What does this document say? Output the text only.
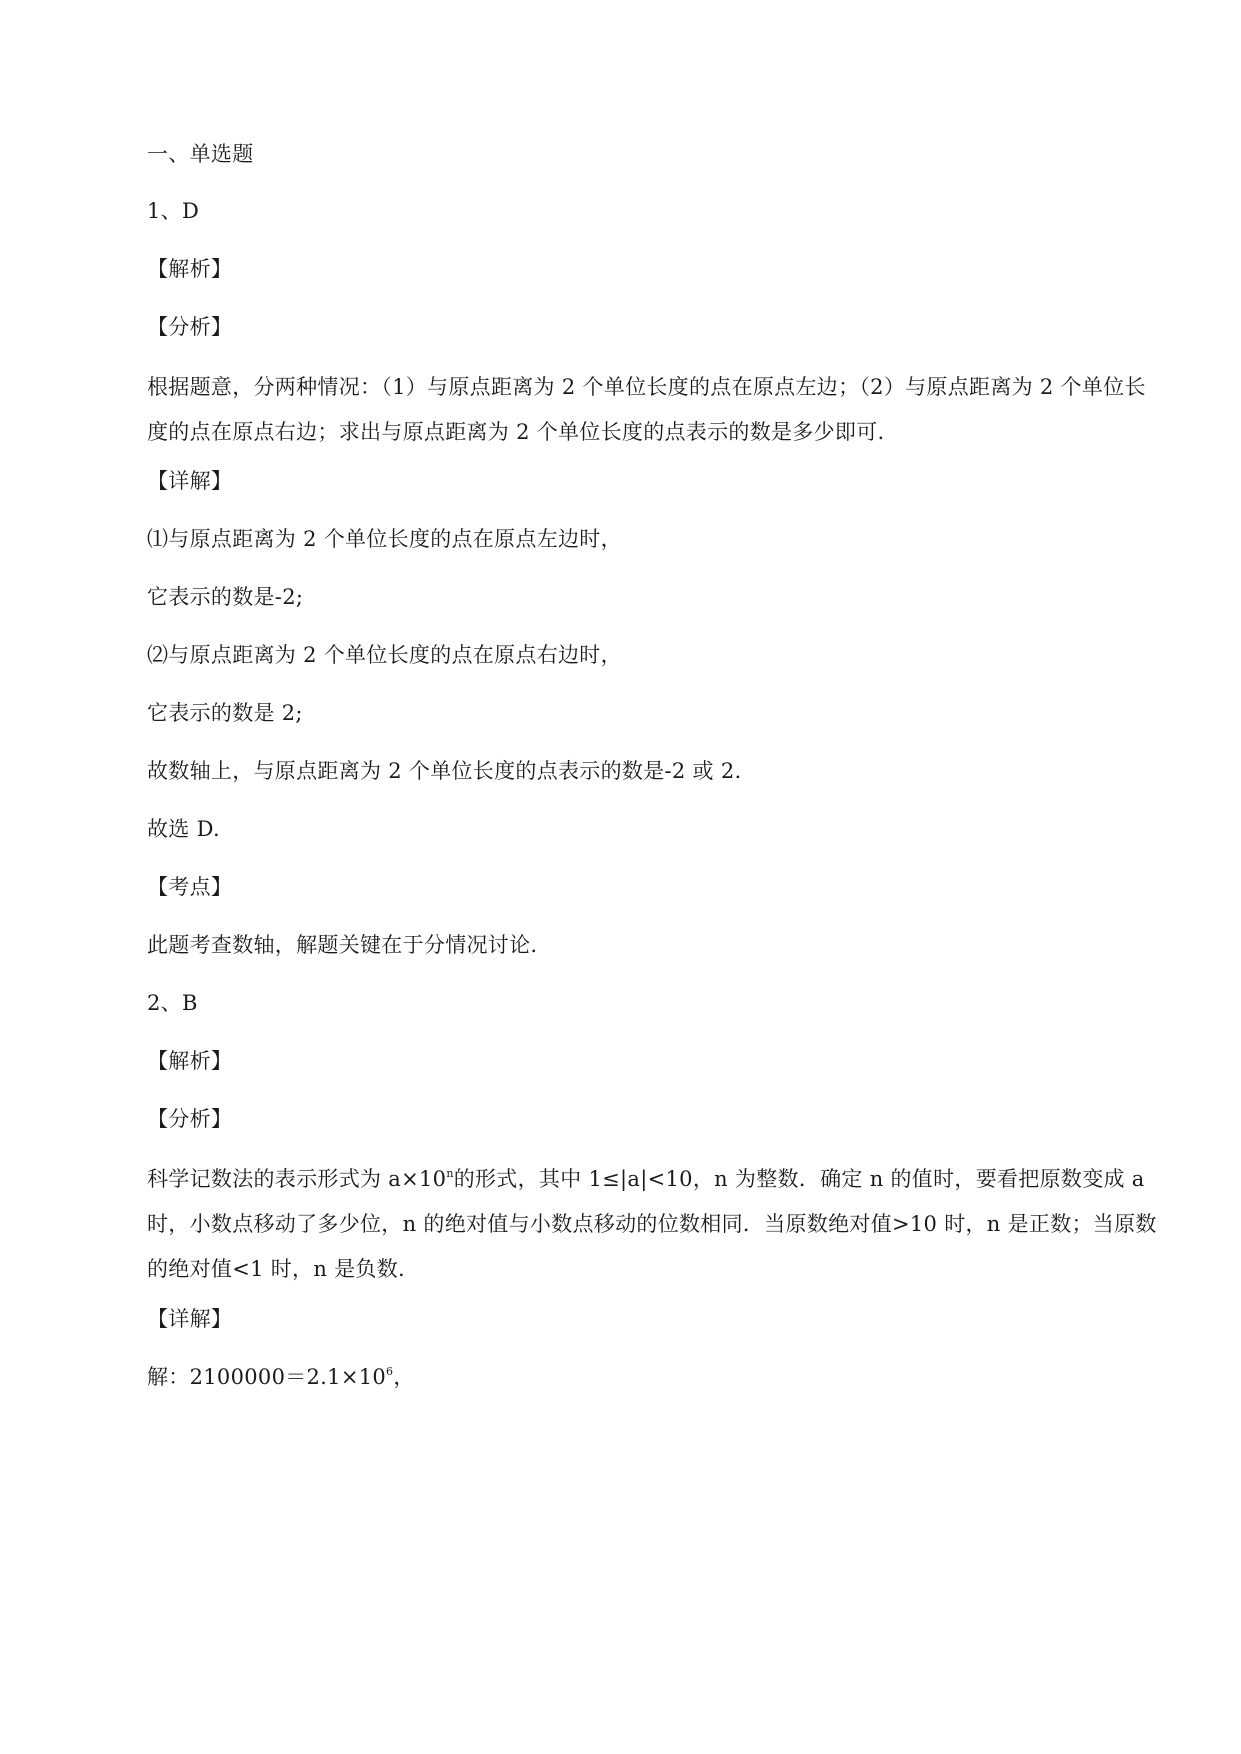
一、单选题
1、D
【解析】
【分析】
根据题意，分两种情况：（1）与原点距离为 2 个单位长度的点在原点左边；（2）与原点距离为 2 个单位长度的点在原点右边；求出与原点距离为 2 个单位长度的点表示的数是多少即可.
【详解】
⑴与原点距离为 2 个单位长度的点在原点左边时，
它表示的数是-2;
⑵与原点距离为 2 个单位长度的点在原点右边时，
它表示的数是 2;
故数轴上，与原点距离为 2 个单位长度的点表示的数是-2 或 2.
故选 D.
【考点】
此题考查数轴，解题关键在于分情况讨论.
2、B
【解析】
【分析】
科学记数法的表示形式为 $a\times 10^n$的形式，其中 1≤|a|<10，n 为整数．确定 n 的值时，要看把原数变成 a 时，小数点移动了多少位，n 的绝对值与小数点移动的位数相同．当原数绝对值>10 时，n 是正数；当原数的绝对值<1 时，n 是负数.
【详解】
解：$2100000=2.1\times 10^6$，
